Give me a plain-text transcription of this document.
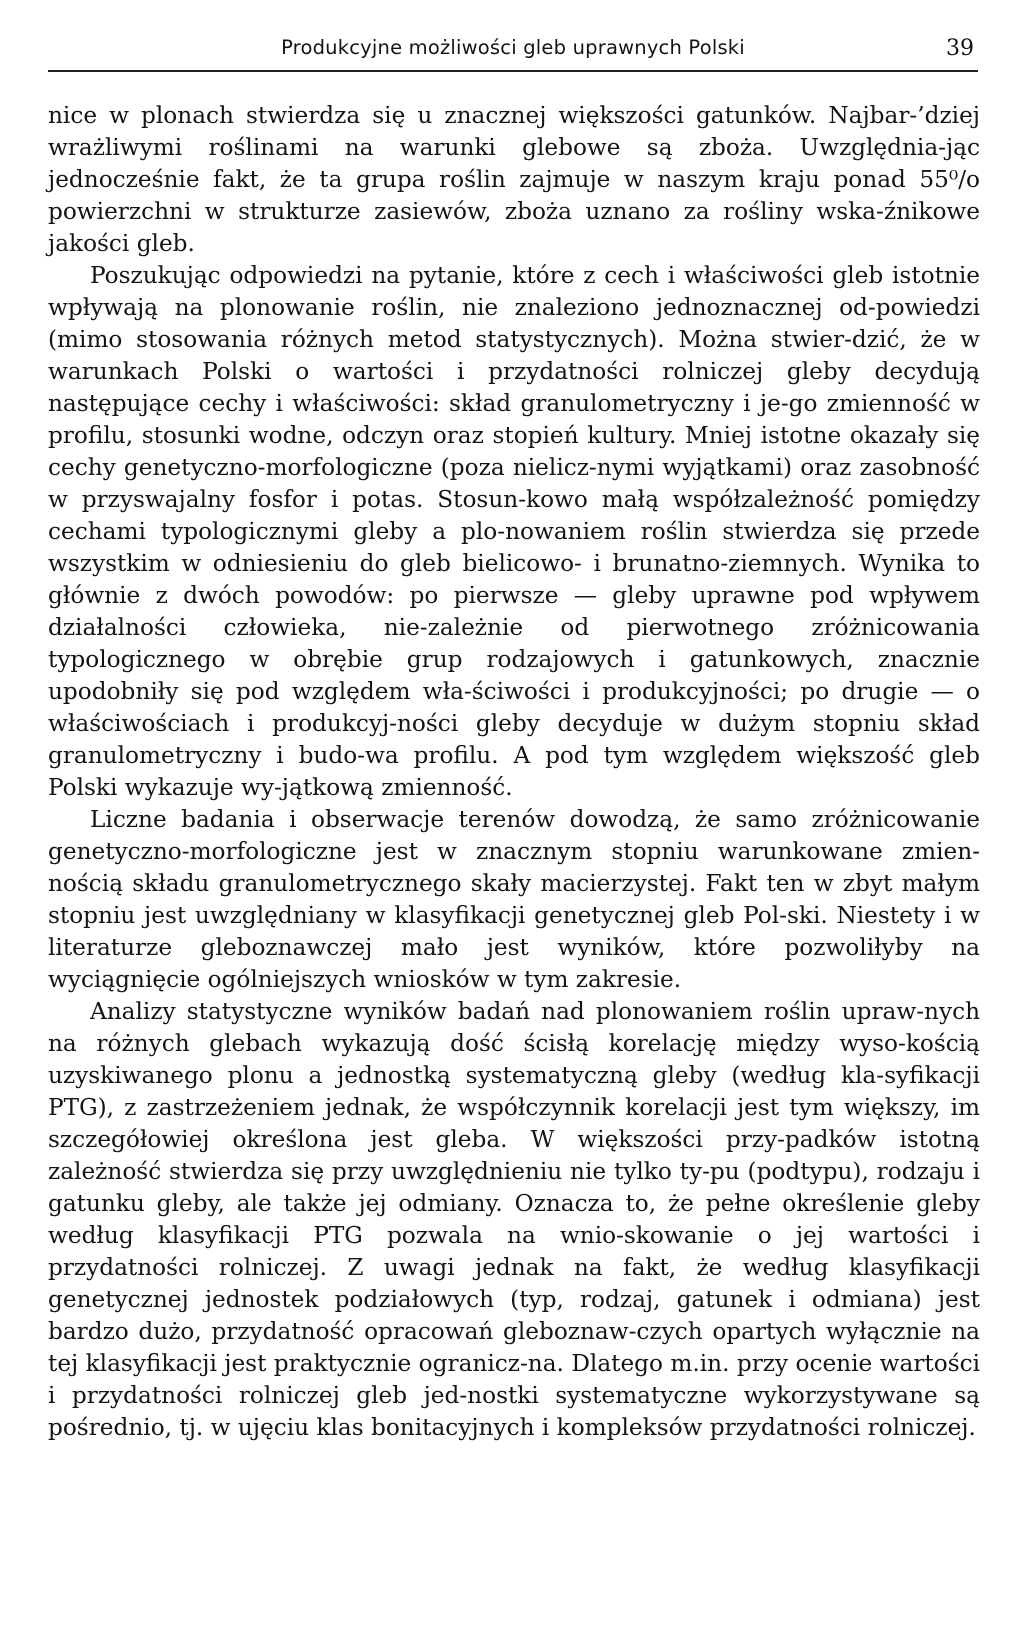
Produkcyjne możliwości gleb uprawnych Polski	39

nice w plonach stwierdza się u znacznej większości gatunków. Najbar-’dziej wrażliwymi roślinami na warunki glebowe są zboża. Uwzględnia-jąc jednocześnie fakt, że ta grupa roślin zajmuje w naszym kraju ponad 55⁰/o powierzchni w strukturze zasiewów, zboża uznano za rośliny wska-źnikowe jakości gleb.

Poszukując odpowiedzi na pytanie, które z cech i właściwości gleb istotnie wpływają na plonowanie roślin, nie znaleziono jednoznacznej od-powiedzi (mimo stosowania różnych metod statystycznych). Można stwier-dzić, że w warunkach Polski o wartości i przydatności rolniczej gleby decydują następujące cechy i właściwości: skład granulometryczny i je-go zmienność w profilu, stosunki wodne, odczyn oraz stopień kultury. Mniej istotne okazały się cechy genetyczno-morfologiczne (poza nielicz-nymi wyjątkami) oraz zasobność w przyswajalny fosfor i potas. Stosun-kowo małą współzależność pomiędzy cechami typologicznymi gleby a plo-nowaniem roślin stwierdza się przede wszystkim w odniesieniu do gleb bielicowo- i brunatno-ziemnych. Wynika to głównie z dwóch powodów: po pierwsze — gleby uprawne pod wpływem działalności człowieka, nie-zależnie od pierwotnego zróżnicowania typologicznego w obrębie grup rodzajowych i gatunkowych, znacznie upodobniły się pod względem wła-ściwości i produkcyjności; po drugie — o właściwościach i produkcyj-ności gleby decyduje w dużym stopniu skład granulometryczny i budo-wa profilu. A pod tym względem większość gleb Polski wykazuje wy-jątkową zmienność.

Liczne badania i obserwacje terenów dowodzą, że samo zróżnicowanie genetyczno-morfologiczne jest w znacznym stopniu warunkowane zmien-nością składu granulometrycznego skały macierzystej. Fakt ten w zbyt małym stopniu jest uwzględniany w klasyfikacji genetycznej gleb Pol-ski. Niestety i w literaturze gleboznawczej mało jest wyników, które pozwoliłyby na wyciągnięcie ogólniejszych wniosków w tym zakresie.

Analizy statystyczne wyników badań nad plonowaniem roślin upraw-nych na różnych glebach wykazują dość ścisłą korelację między wyso-kością uzyskiwanego plonu a jednostką systematyczną gleby (według kla-syfikacji PTG), z zastrzeżeniem jednak, że współczynnik korelacji jest tym większy, im szczegółowiej określona jest gleba. W większości przy-padków istotną zależność stwierdza się przy uwzględnieniu nie tylko ty-pu (podtypu), rodzaju i gatunku gleby, ale także jej odmiany. Oznacza to, że pełne określenie gleby według klasyfikacji PTG pozwala na wnio-skowanie o jej wartości i przydatności rolniczej. Z uwagi jednak na fakt, że według klasyfikacji genetycznej jednostek podziałowych (typ, rodzaj, gatunek i odmiana) jest bardzo dużo, przydatność opracowań gleboznaw-czych opartych wyłącznie na tej klasyfikacji jest praktycznie ogranicz-na. Dlatego m.in. przy ocenie wartości i przydatności rolniczej gleb jed-nostki systematyczne wykorzystywane są pośrednio, tj. w ujęciu klas bonitacyjnych i kompleksów przydatności rolniczej.
